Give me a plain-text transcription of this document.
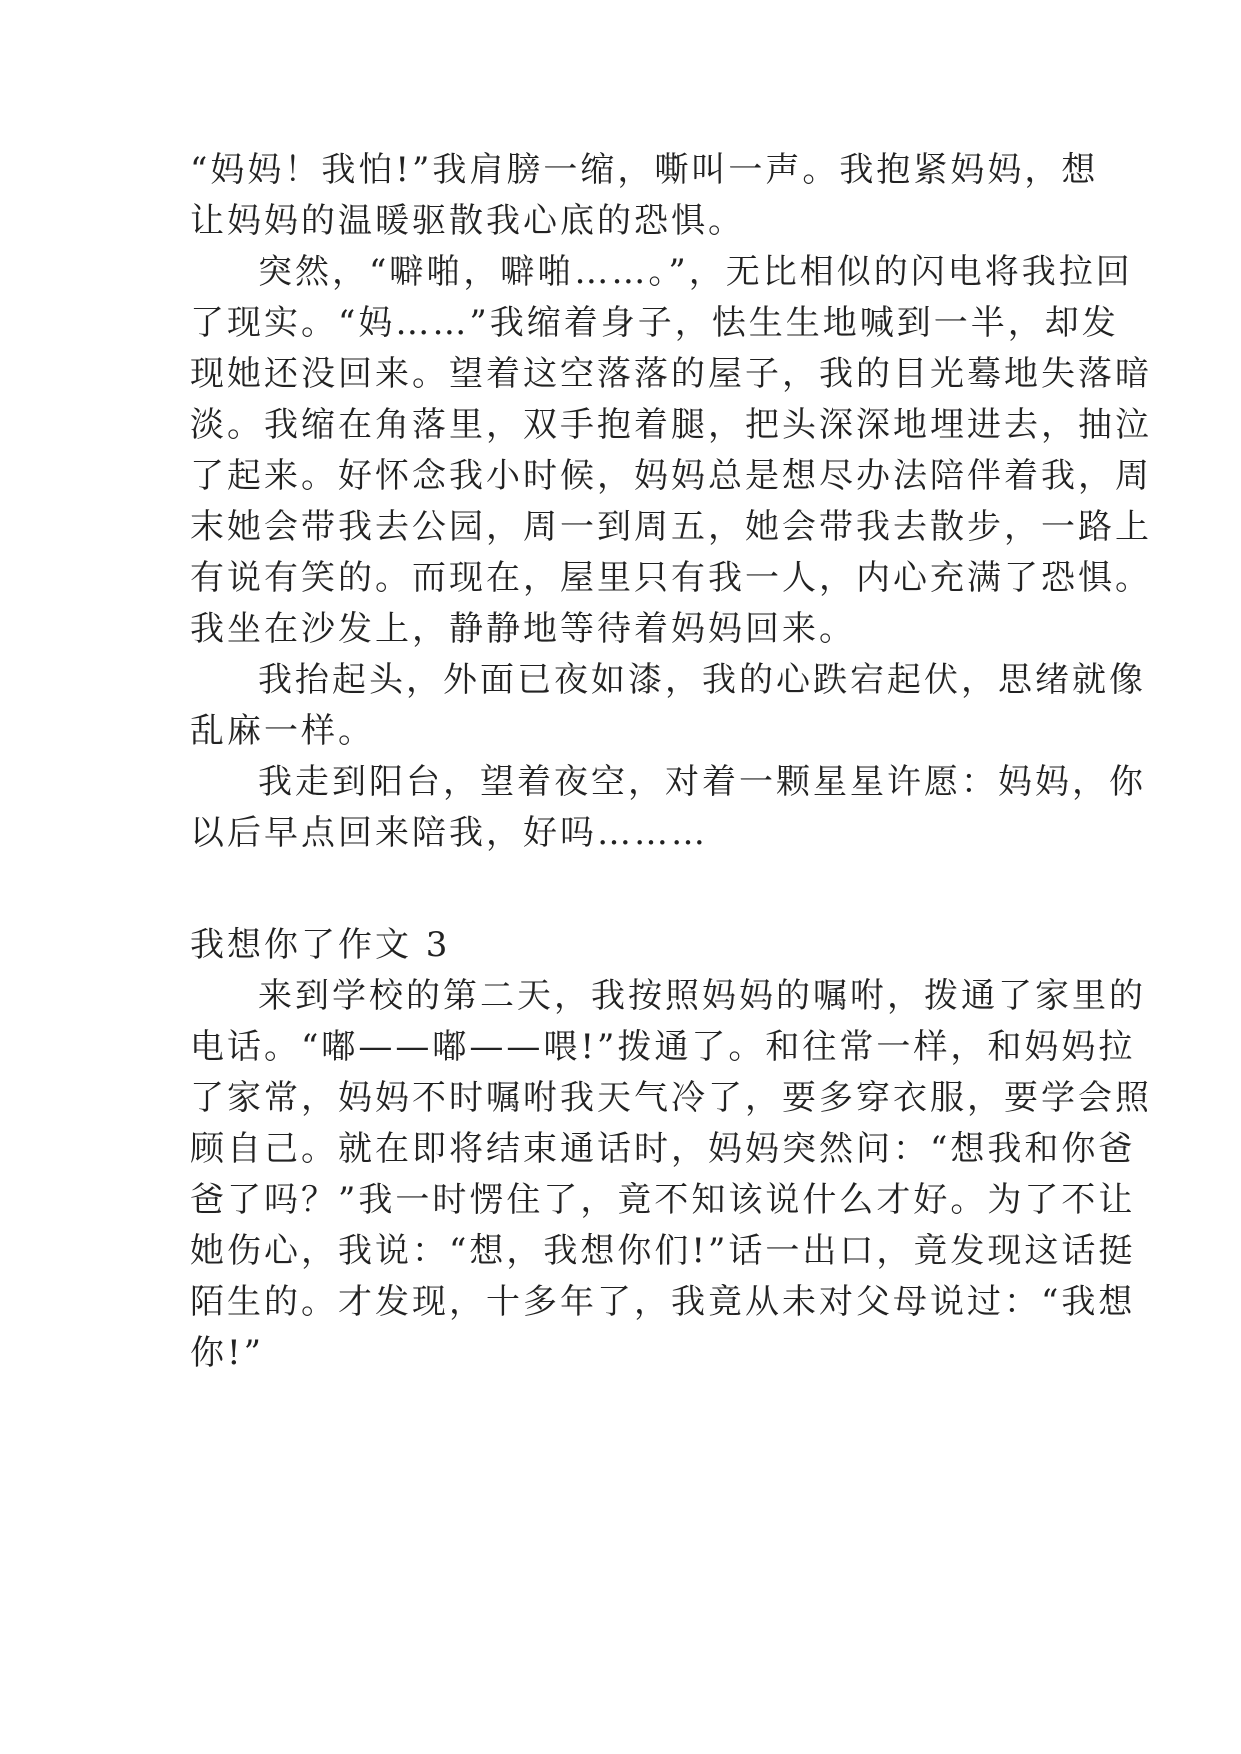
“妈妈！我怕!”我肩膀一缩，嘶叫一声。我抱紧妈妈，想
让妈妈的温暖驱散我心底的恐惧。
突然，“噼啪，噼啪……。”，无比相似的闪电将我拉回
了现实。“妈……”我缩着身子，怯生生地喊到一半，却发
现她还没回来。望着这空落落的屋子，我的目光蓦地失落暗
淡。我缩在角落里，双手抱着腿，把头深深地埋进去，抽泣
了起来。好怀念我小时候，妈妈总是想尽办法陪伴着我，周
末她会带我去公园，周一到周五，她会带我去散步，一路上
有说有笑的。而现在，屋里只有我一人，内心充满了恐惧。
我坐在沙发上，静静地等待着妈妈回来。
我抬起头，外面已夜如漆，我的心跌宕起伏，思绪就像
乱麻一样。
我走到阳台，望着夜空，对着一颗星星许愿：妈妈，你
以后早点回来陪我，好吗………
我想你了作文 3
来到学校的第二天，我按照妈妈的嘱咐，拨通了家里的
电话。“嘟——嘟——喂!”拨通了。和往常一样，和妈妈拉
了家常，妈妈不时嘱咐我天气冷了，要多穿衣服，要学会照
顾自己。就在即将结束通话时，妈妈突然问：“想我和你爸
爸了吗？”我一时愣住了，竟不知该说什么才好。为了不让
她伤心，我说：“想，我想你们!”话一出口，竟发现这话挺
陌生的。才发现，十多年了，我竟从未对父母说过：“我想
你!”
